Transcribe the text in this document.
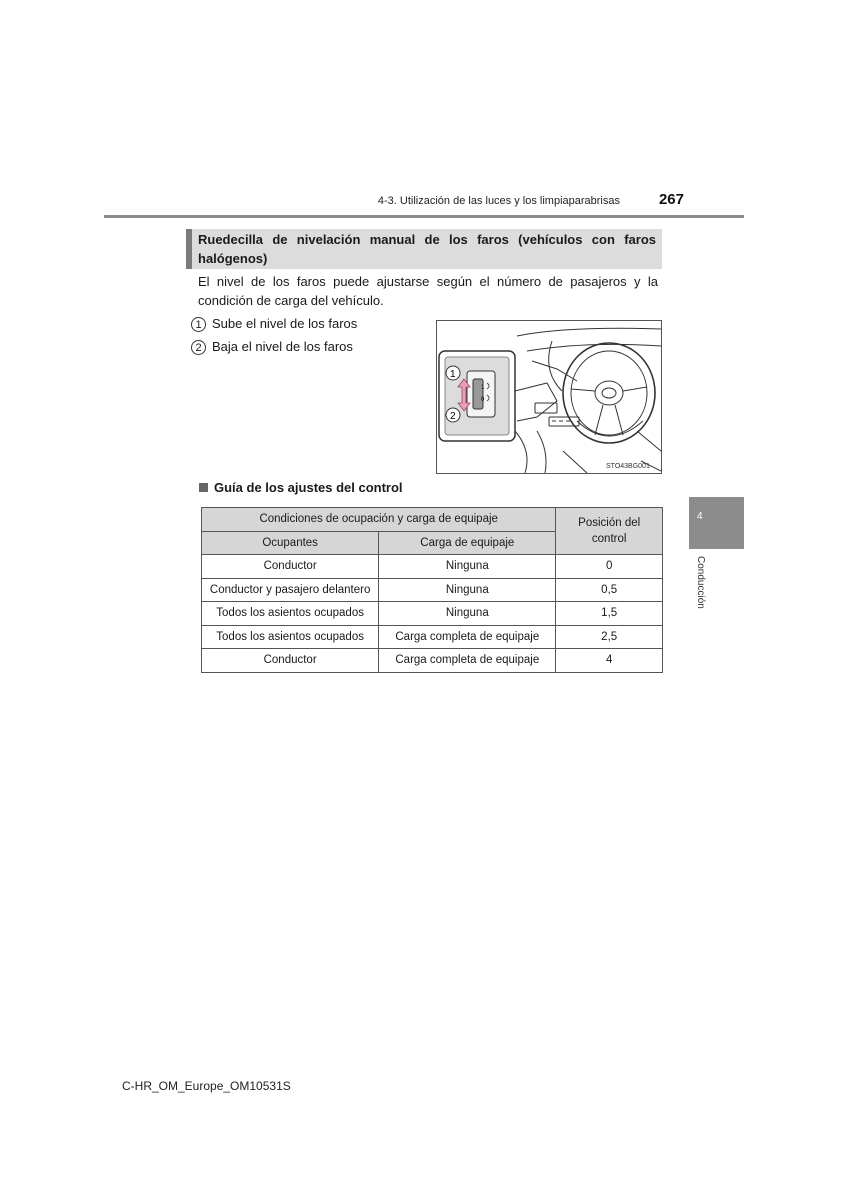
4-3. Utilización de las luces y los limpiaparabrisas	267
4
Conducción
Ruedecilla de nivelación manual de los faros (vehículos con faros halógenos)
El nivel de los faros puede ajustarse según el número de pasajeros y la condición de carga del vehículo.
1 Sube el nivel de los faros
2 Baja el nivel de los faros
1
0
1
2
STO43BG001
Guía de los ajustes del control
Condiciones de ocupación y carga de equipaje		Posición del control
Ocupantes	Carga de equipaje	
Conductor	Ninguna	0
Conductor y pasajero delantero	Ninguna	0,5
Todos los asientos ocupados	Ninguna	1,5
Todos los asientos ocupados	Carga completa de equipaje	2,5
Conductor	Carga completa de equipaje	4
C-HR_OM_Europe_OM10531S
